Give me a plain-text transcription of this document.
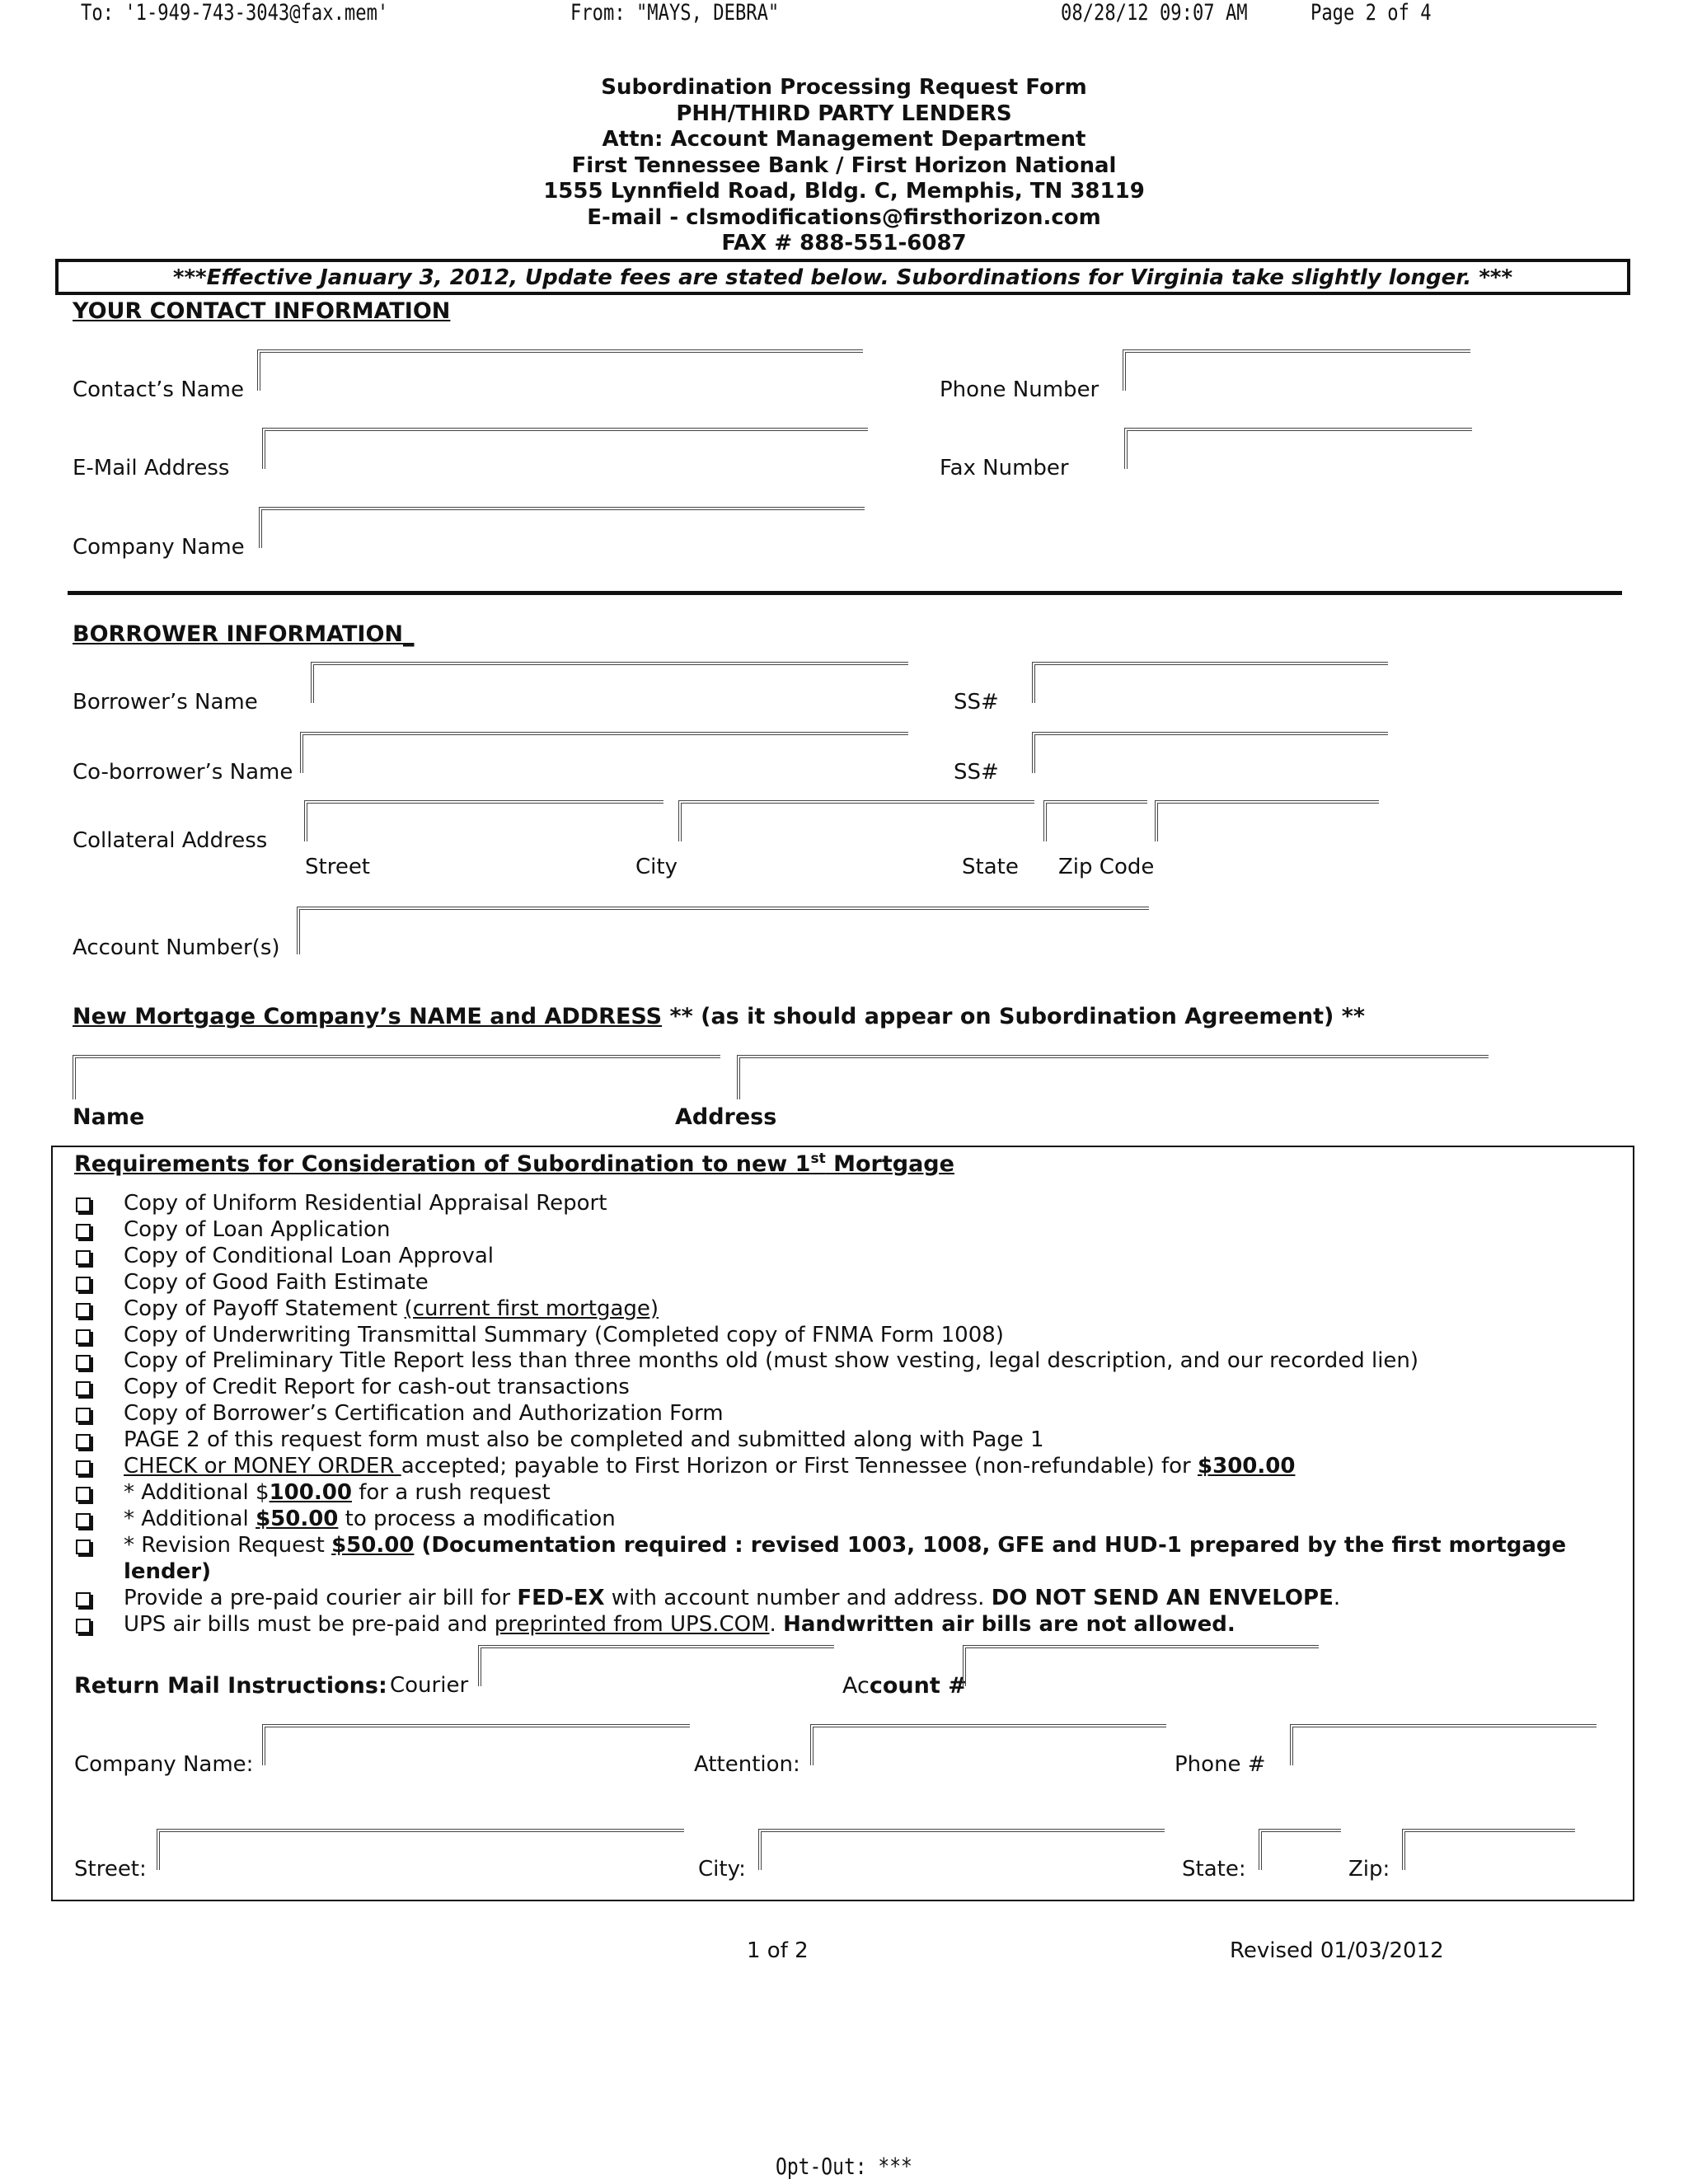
To: '1-949-743-3043@fax.mem'	From: "MAYS, DEBRA"	08/28/12 09:07 AM	Page 2 of 4
Subordination Processing Request Form
PHH/THIRD PARTY LENDERS
Attn: Account Management Department
First Tennessee Bank / First Horizon National
1555 Lynnfield Road, Bldg. C, Memphis, TN 38119
E-mail - clsmodifications@firsthorizon.com
FAX # 888-551-6087
***Effective January 3, 2012, Update fees are stated below. Subordinations for Virginia take slightly longer. ***
YOUR CONTACT INFORMATION
Contact’s Name	Phone Number
E-Mail Address	Fax Number
Company Name
BORROWER INFORMATION_
Borrower’s Name	SS#
Co-borrower’s Name	SS#
Collateral Address
Street	City	State Zip Code
Account Number(s)
New Mortgage Company’s NAME and ADDRESS ** (as it should appear on Subordination Agreement) **
Name	Address
Requirements for Consideration of Subordination to new 1st Mortgage
Copy of Uniform Residential Appraisal Report
Copy of Loan Application
Copy of Conditional Loan Approval
Copy of Good Faith Estimate
Copy of Payoff Statement (current first mortgage)
Copy of Underwriting Transmittal Summary (Completed copy of FNMA Form 1008)
Copy of Preliminary Title Report less than three months old (must show vesting, legal description, and our recorded lien)
Copy of Credit Report for cash-out transactions
Copy of Borrower’s Certification and Authorization Form
PAGE 2 of this request form must also be completed and submitted along with Page 1
CHECK or MONEY ORDER accepted; payable to First Horizon or First Tennessee (non-refundable) for $300.00
* Additional $100.00 for a rush request
* Additional $50.00 to process a modification
* Revision Request $50.00 (Documentation required : revised 1003, 1008, GFE and HUD-1 prepared by the first mortgage lender)
Provide a pre-paid courier air bill for FED-EX with account number and address. DO NOT SEND AN ENVELOPE.
UPS air bills must be pre-paid and preprinted from UPS.COM. Handwritten air bills are not allowed.
Return Mail Instructions: Courier	Account #
Company Name:	Attention:	Phone #
Street:	City:	State:	Zip:
1 of 2	Revised 01/03/2012
Opt-Out: ***
